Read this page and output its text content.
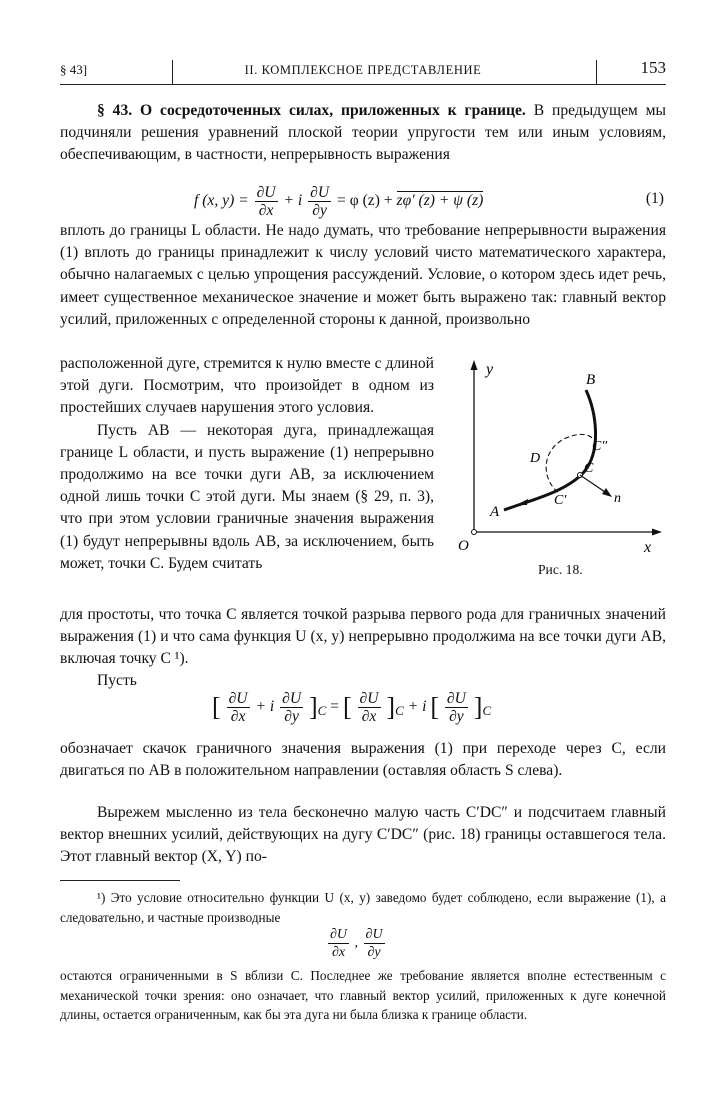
§ 43]	II. КОМПЛЕКСНОЕ ПРЕДСТАВЛЕНИЕ	153
§ 43. О сосредоточенных силах, приложенных к границе. В предыдущем мы подчиняли решения уравнений плоской теории упругости тем или иным условиям, обеспечивающим, в частности, непрерывность выражения
f (x, $y) = \frac{\partial U}{\partial x} + i \frac{\partial U}{\partial y} = \varphi$ (z) + zφ′ (z) + ψ (z)	(1)
вплоть до границы L области. Не надо думать, что требование непрерывности выражения (1) вплоть до границы принадлежит к числу условий чисто математического характера, обычно налагаемых с целью упрощения рассуждений. Условие, о котором здесь идет речь, имеет существенное механическое значение и может быть выражено так: главный вектор усилий, приложенных с определенной стороны к данной, произвольно
расположенной дуге, стремится к нулю вместе с длиной этой дуги. Посмотрим, что произойдет в одном из простейших случаев нарушения этого условия.
Пусть AB — некоторая дуга, принадлежащая границе L области, и пусть выражение (1) непрерывно продолжимо на все точки дуги AB, за исключением одной лишь точки C этой дуги. Мы знаем (§ 29, п. 3), что при этом условии граничные значения выражения (1) будут непрерывны вдоль AB, за исключением, быть может, точки C. Будем считать
y
x
O
A
B
C
C′
C″
D
n
Рис. 18.
для простоты, что точка C является точкой разрыва первого рода для граничных значений выражения (1) и что сама функция U (x, y) непрерывно продолжима на все точки дуги AB, включая точку C ¹).
Пусть
[ $\frac{\partial U}{\partial x} + i \frac{\partial U}{\partial y} ]_C$ = [ $\frac{\partial U}{\partial x} ]_C + i$ [ $\frac{\partial U}{\partial y} ]_C$
обозначает скачок граничного значения выражения (1) при переходе через C, если двигаться по AB в положительном направлении (оставляя область S слева).
Вырежем мысленно из тела бесконечно малую часть C′DC″ и подсчитаем главный вектор внешних усилий, действующих на дугу C′DC″ (рис. 18) границы оставшегося тела. Этот главный вектор (X, Y) по-
¹) Это условие относительно функции U (x, y) заведомо будет соблюдено, если выражение (1), а следовательно, и частные производные
$\frac{\partial U}{\partial x}$ , $\frac{\partial U}{\partial y}$
остаются ограниченными в S вблизи C. Последнее же требование является вполне естественным с механической точки зрения: оно означает, что главный вектор усилий, приложенных к дуге конечной длины, остается ограниченным, как бы эта дуга ни была близка к границе области.
